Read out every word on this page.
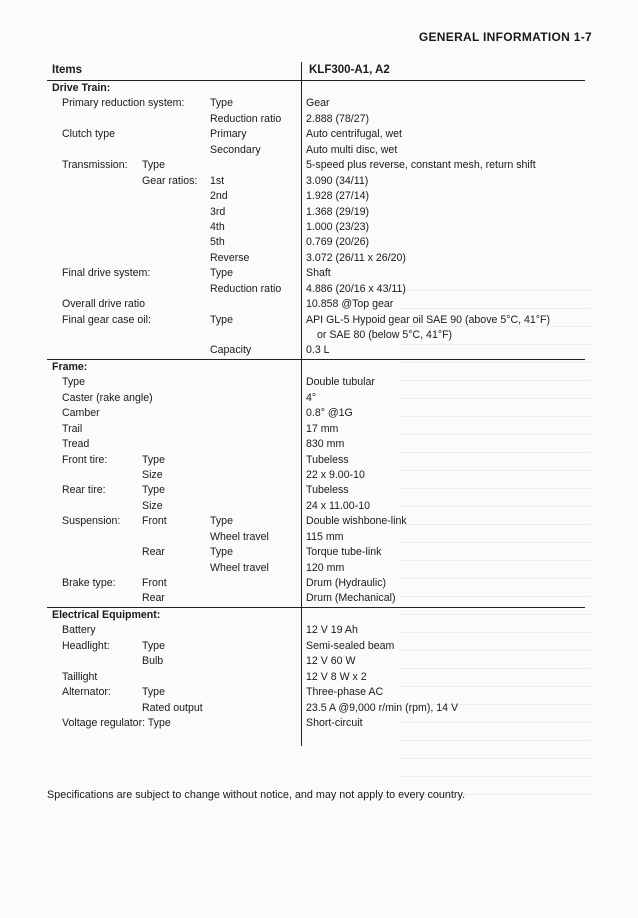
GENERAL INFORMATION 1-7
Items	KLF300-A1, A2
Drive Train:
Primary reduction system: Type	Gear
Reduction ratio 2.888 (78/27)
Clutch type	Primary	Auto centrifugal, wet
Secondary	Auto multi disc, wet
Transmission: Type	5-speed plus reverse, constant mesh, return shift
Gear ratios: 1st	3.090 (34/11)
2nd	1.928 (27/14)
3rd	1.368 (29/19)
4th	1.000 (23/23)
5th	0.769 (20/26)
Reverse	3.072 (26/11 x 26/20)
Final drive system:	Type	Shaft
Reduction ratio 4.886 (20/16 x 43/11)
Overall drive ratio	10.858 @Top gear
Final gear case oil:	Type	API GL-5 Hypoid gear oil SAE 90 (above 5°C, 41°F)
or SAE 80 (below 5°C, 41°F)
Capacity	0.3 L
Frame:
Type	Double tubular
Caster (rake angle)	4°
Camber	0.8° @1G
Trail	17 mm
Tread	830 mm
Front tire:	Type	Tubeless
Size	22 x 9.00-10
Rear tire:	Type	Tubeless
Size	24 x 11.00-10
Suspension: Front	Type	Double wishbone-link
Wheel travel	115 mm
Rear	Type	Torque tube-link
Wheel travel	120 mm
Brake type: Front	Drum (Hydraulic)
Rear	Drum (Mechanical)
Electrical Equipment:
Battery	12 V 19 Ah
Headlight:	Type	Semi-sealed beam
Bulb	12 V 60 W
Taillight	12 V 8 W x 2
Alternator:	Type	Three-phase AC
Rated output	23.5 A @9,000 r/min (rpm), 14 V
Voltage regulator: Type	Short-circuit
Specifications are subject to change without notice, and may not apply to every country.
